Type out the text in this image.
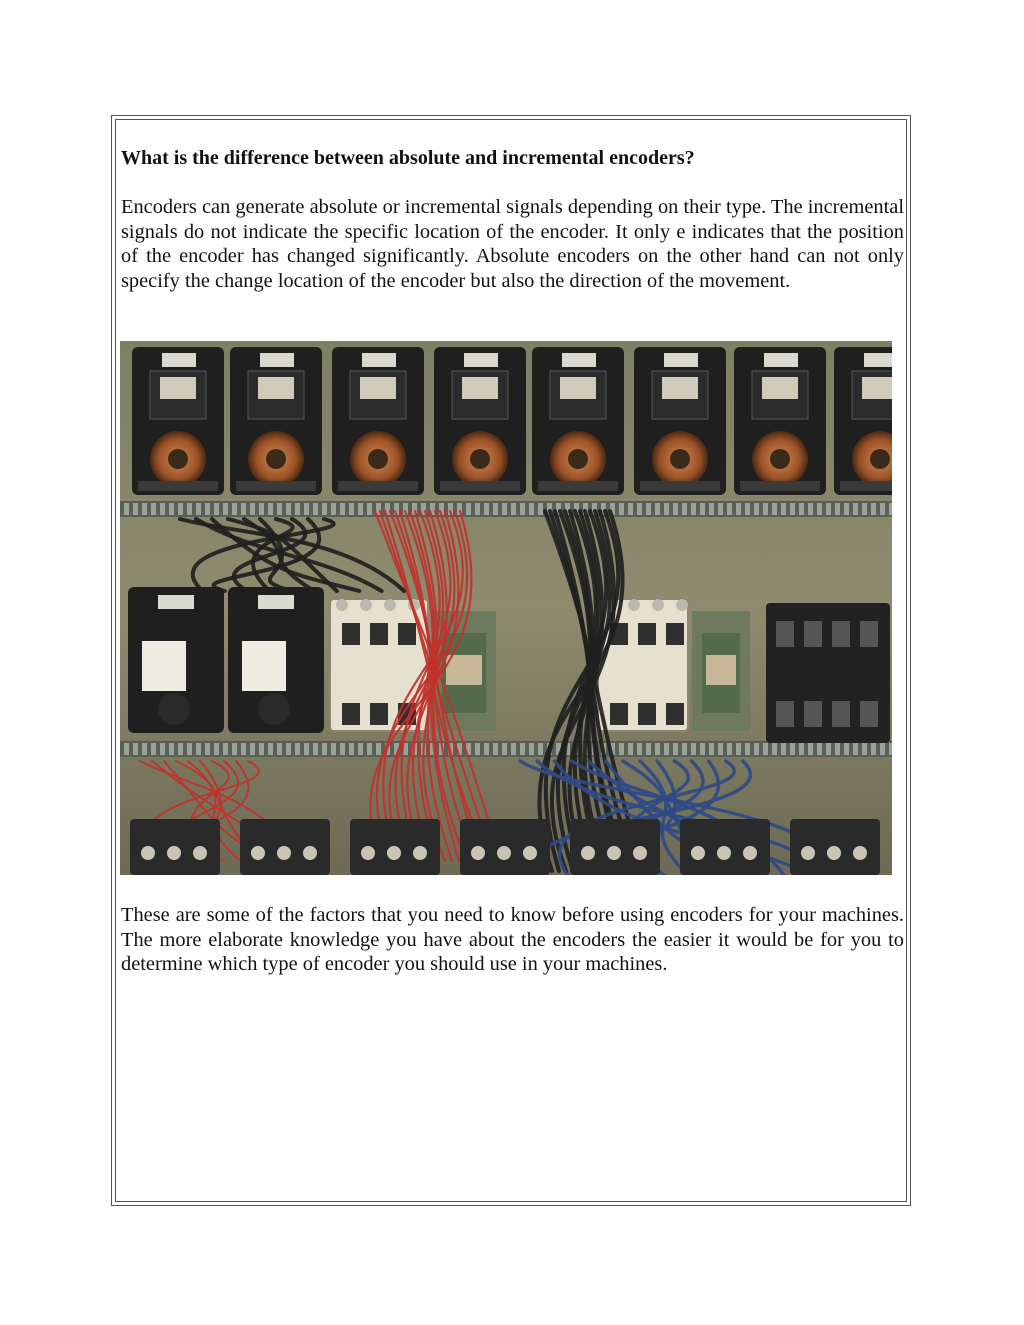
What is the difference between absolute and incremental encoders?

Encoders can generate absolute or incremental signals depending on their type. The incremental signals do not indicate the specific location of the encoder. It only e indicates that the position of the encoder has changed significantly. Absolute encoders on the other hand can not only specify the change location of the encoder but also the direction of the movement.

These are some of the factors that you need to know before using encoders for your machines. The more elaborate knowledge you have about the encoders the easier it would be for you to determine which type of encoder you should use in your machines.
